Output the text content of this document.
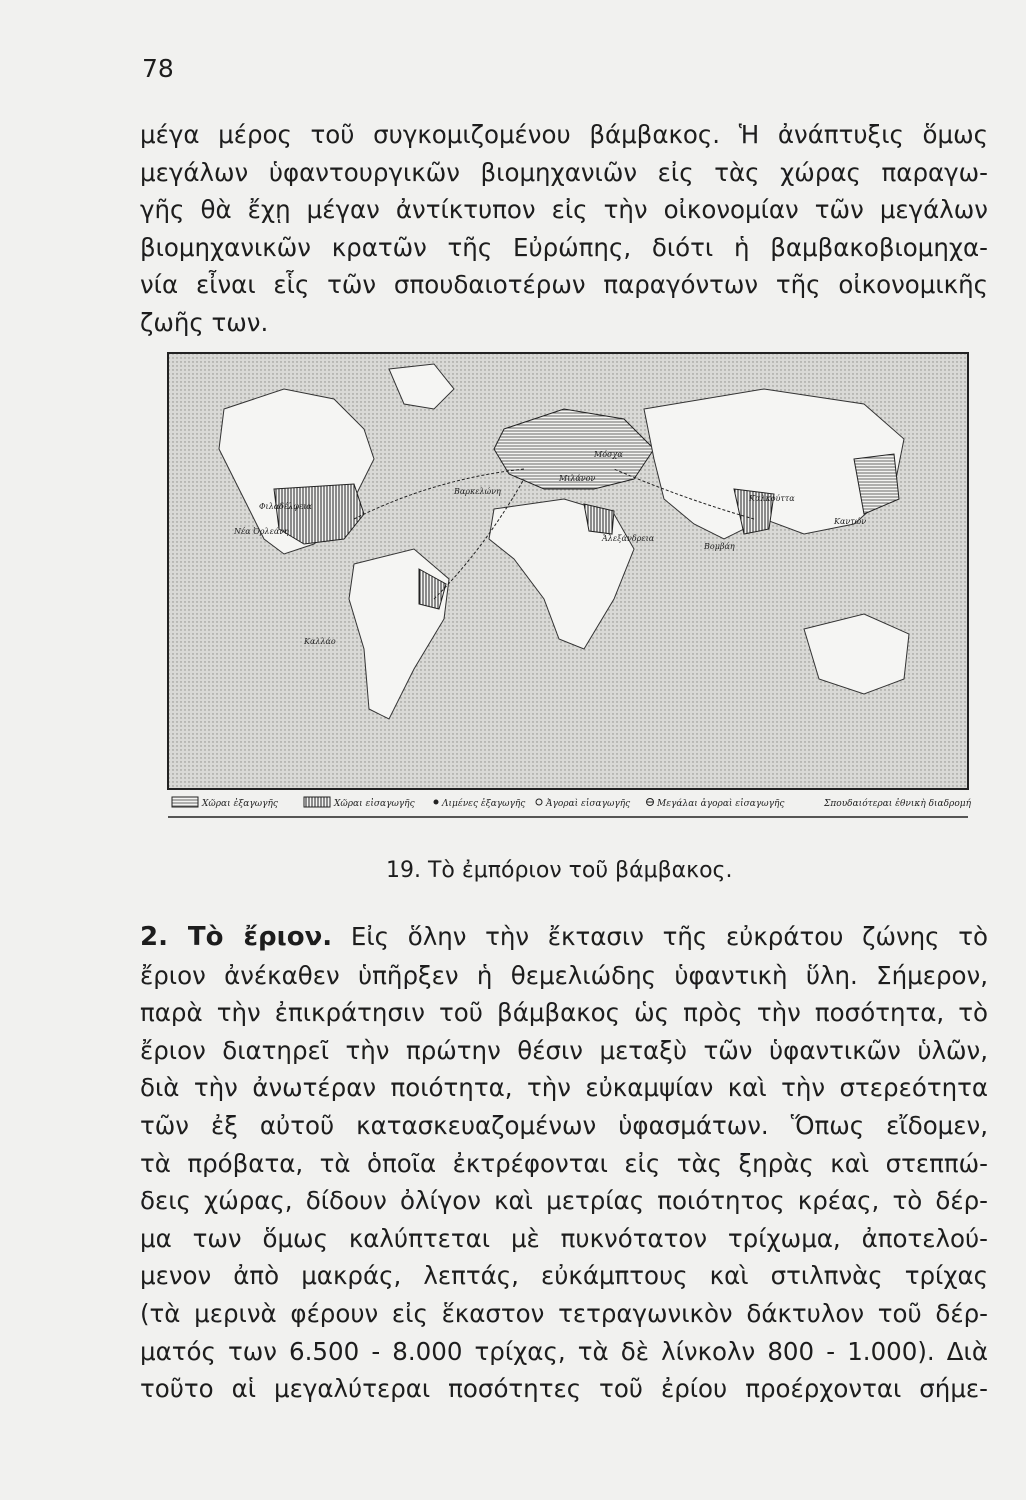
78

μέγα μέρος τοῦ συγκομιζομένου βάμβακος. Ἡ ἀνάπτυξις ὅμως
μεγάλων ὑφαντουργικῶν βιομηχανιῶν εἰς τὰς χώρας παραγω-
γῆς θὰ ἔχῃ μέγαν ἀντίκτυπον εἰς τὴν οἰκονομίαν τῶν μεγάλων
βιομηχανικῶν κρατῶν τῆς Εὐρώπης, διότι ἡ βαμβακοβιομηχα-
νία εἶναι εἷς τῶν σπουδαιοτέρων παραγόντων τῆς οἰκονομικῆς
ζωῆς των.

Μόσχα
Καλκούττα
Ἀλεξάνδρεια
Βομβάη
Καντών
Μιλάνον
Νέα Ὀρλεάνη
Φιλαδέλφεια
Βαρκελώνη
Καλλάο
Χῶραι ἐξαγωγῆς	Χῶραι εἰσαγωγῆς	Λιμένες ἐξαγωγῆς Ἀγοραὶ εἰσαγωγῆς	Μεγάλαι ἀγοραὶ εἰσαγωγῆς	Σπουδαιότεραι ἐθνικὴ διαδρομή
19. Τὸ ἐμπόριον τοῦ βάμβακος.

2. Τὸ ἔριον. Εἰς ὅλην τὴν ἔκτασιν τῆς εὐκράτου ζώνης τὸ
ἔριον ἀνέκαθεν ὑπῆρξεν ἡ θεμελιώδης ὑφαντικὴ ὕλη. Σήμερον,
παρὰ τὴν ἐπικράτησιν τοῦ βάμβακος ὡς πρὸς τὴν ποσότητα, τὸ
ἔριον διατηρεῖ τὴν πρώτην θέσιν μεταξὺ τῶν ὑφαντικῶν ὑλῶν,
διὰ τὴν ἀνωτέραν ποιότητα, τὴν εὐκαμψίαν καὶ τὴν στερεότητα
τῶν ἐξ αὐτοῦ κατασκευαζομένων ὑφασμάτων. Ὅπως εἴδομεν,
τὰ πρόβατα, τὰ ὁποῖα ἐκτρέφονται εἰς τὰς ξηρὰς καὶ στεππώ-
δεις χώρας, δίδουν ὀλίγον καὶ μετρίας ποιότητος κρέας, τὸ δέρ-
μα των ὅμως καλύπτεται μὲ πυκνότατον τρίχωμα, ἀποτελού-
μενον ἀπὸ μακράς, λεπτάς, εὐκάμπτους καὶ στιλπνὰς τρίχας
(τὰ μερινὰ φέρουν εἰς ἕκαστον τετραγωνικὸν δάκτυλον τοῦ δέρ-
ματός των 6.500 - 8.000 τρίχας, τὰ δὲ λίνκολν 800 - 1.000). Διὰ
τοῦτο αἱ μεγαλύτεραι ποσότητες τοῦ ἐρίου προέρχονται σήμε-
